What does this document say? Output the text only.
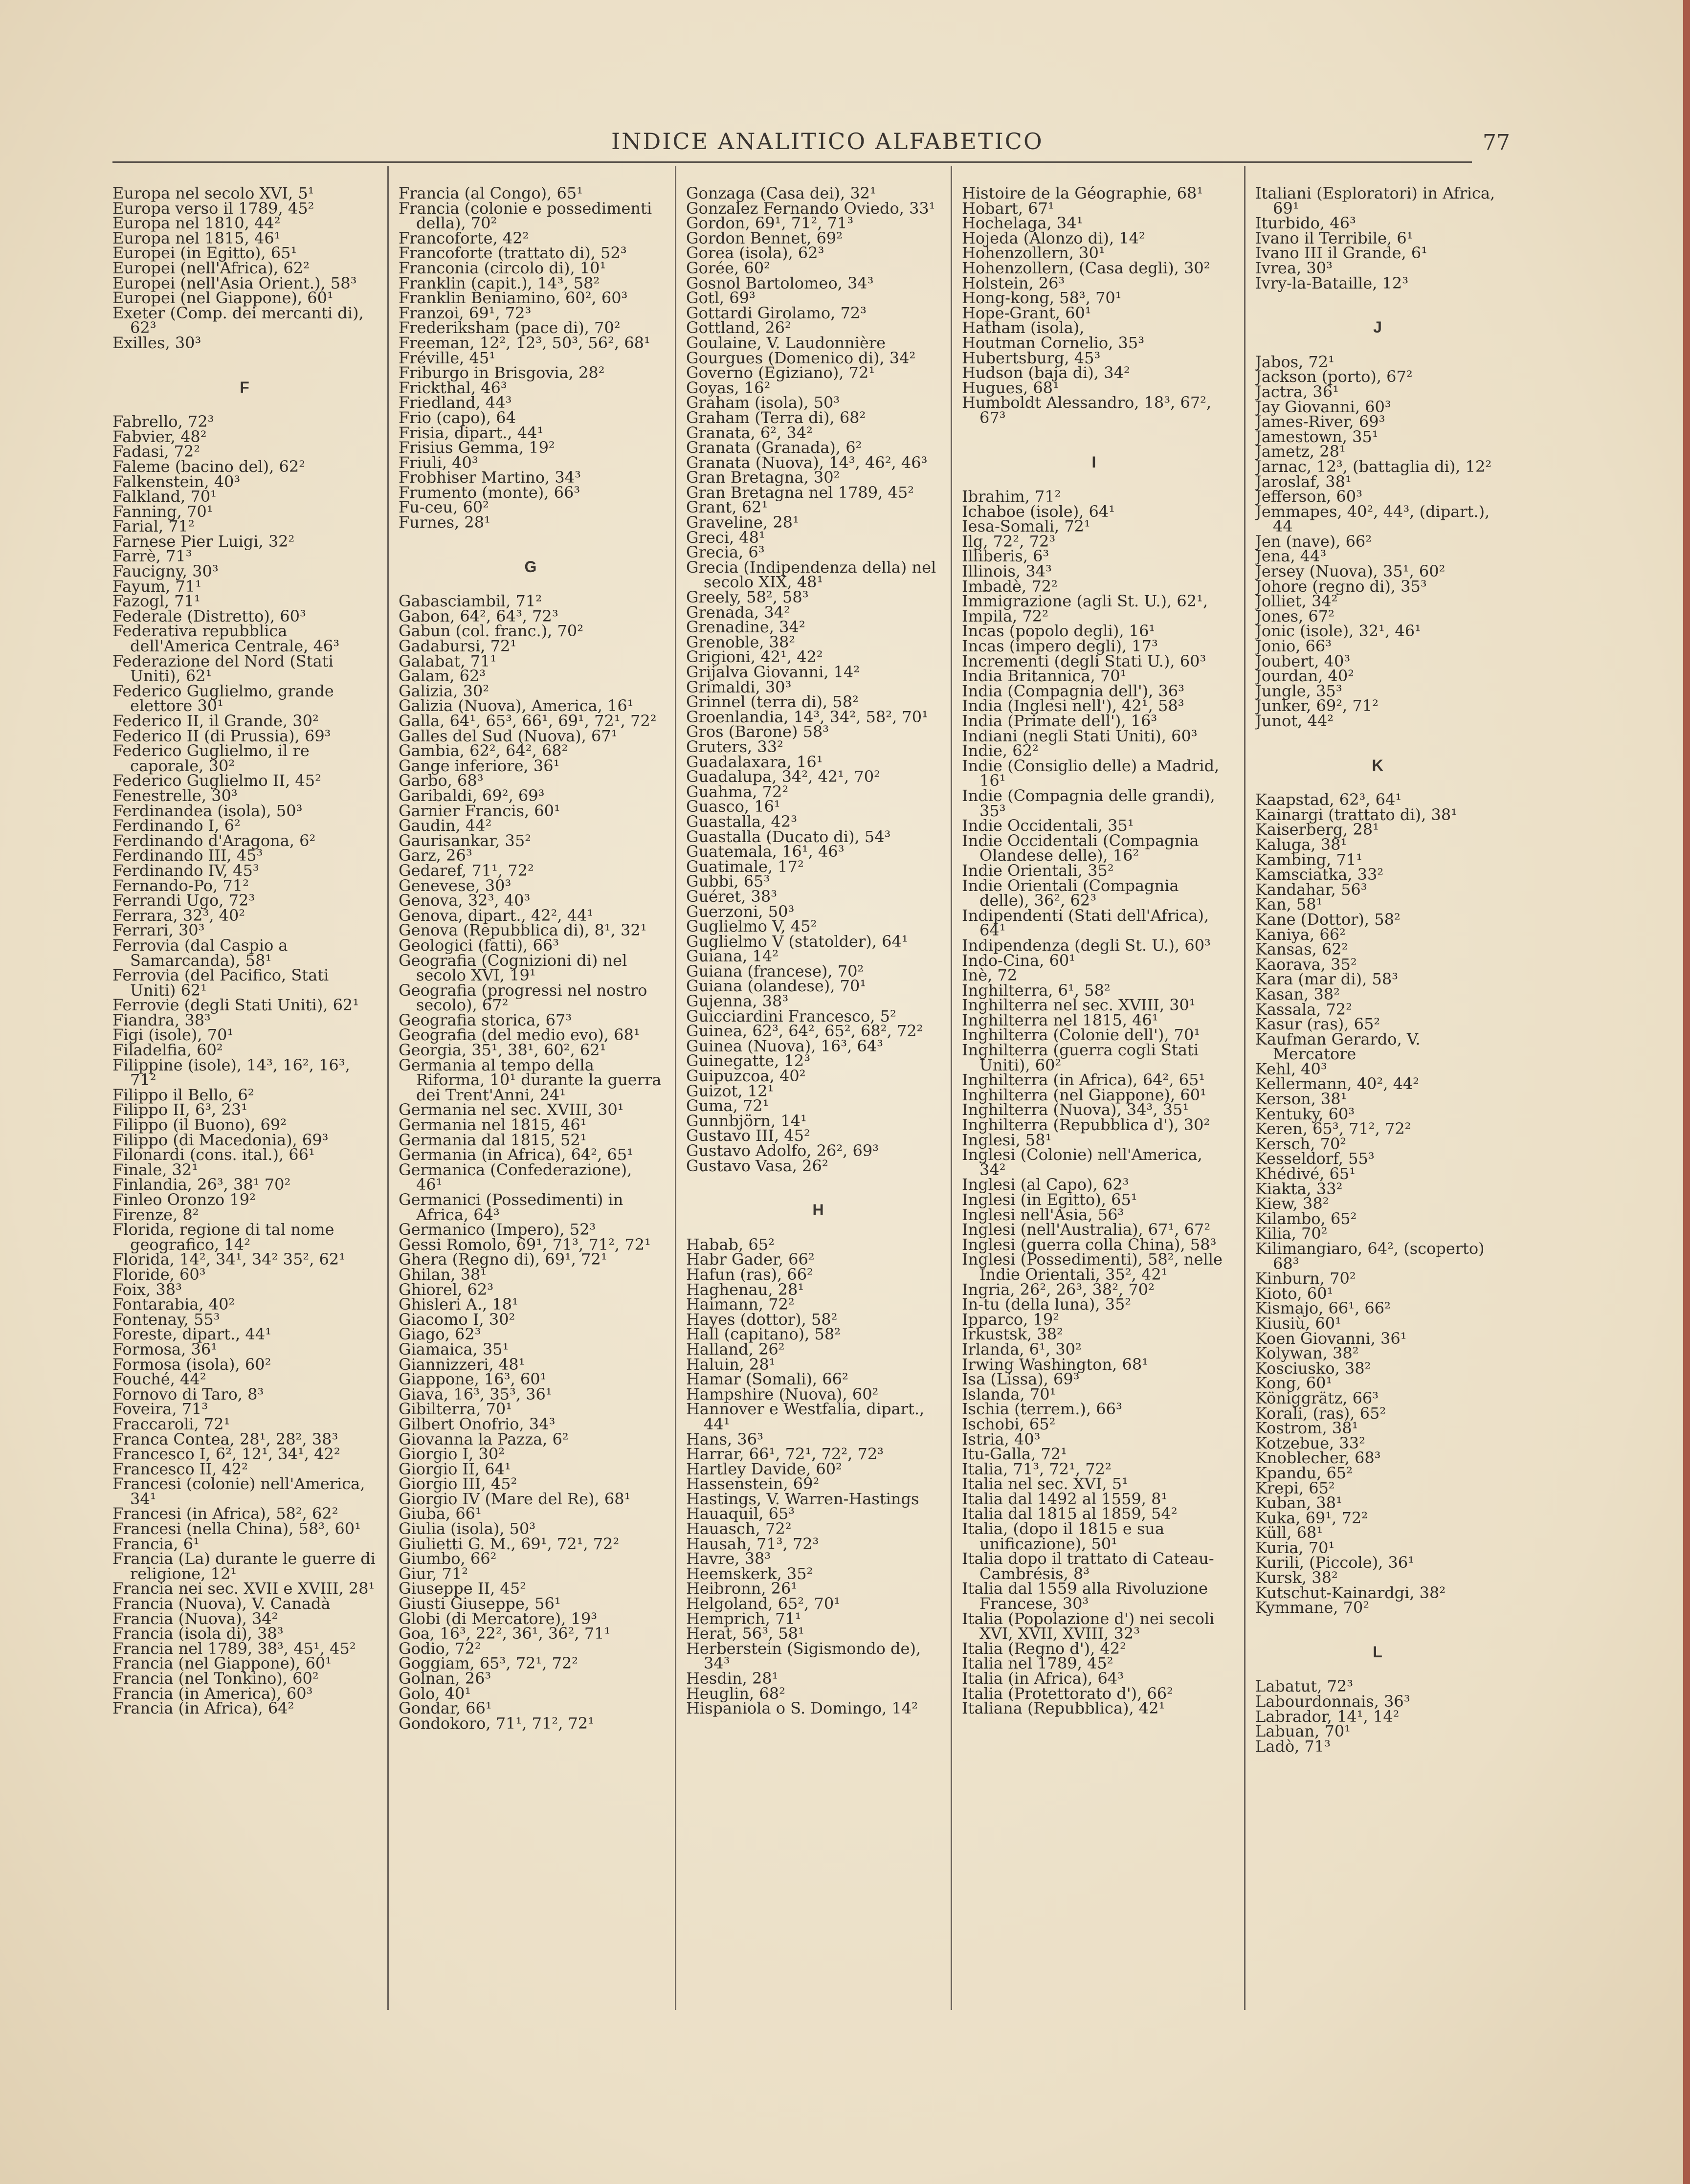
INDICE ANALITICO ALFABETICO	77
Europa nel secolo XVI, 5¹
Europa verso il 1789, 45²
Europa nel 1810, 44²
Europa nel 1815, 46¹
Europei (in Egitto), 65¹
Europei (nell'Africa), 62²
Europei (nell'Asia Orient.), 58³
Europei (nel Giappone), 60¹
Exeter (Comp. dei mercanti di), 62³
Exilles, 30³
F
Fabrello, 72³
Fabvier, 48²
Fadasi, 72²
Faleme (bacino del), 62²
Falkenstein, 40³
Falkland, 70¹
Fanning, 70¹
Farial, 71²
Farnese Pier Luigi, 32²
Farrè, 71³
Faucigny, 30³
Fayum, 71¹
Fazogl, 71¹
Federale (Distretto), 60³
Federativa repubblica dell'America Centrale, 46³
Federazione del Nord (Stati Uniti), 62¹
Federico Guglielmo, grande elettore 30¹
Federico II, il Grande, 30²
Federico II (di Prussia), 69³
Federico Guglielmo, il re caporale, 30²
Federico Guglielmo II, 45²
Fenestrelle, 30³
Ferdinandea (isola), 50³
Ferdinando I, 6²
Ferdinando d'Aragona, 6²
Ferdinando III, 45³
Ferdinando IV, 45³
Fernando-Po, 71²
Ferrandi Ugo, 72³
Ferrara, 32³, 40²
Ferrari, 30³
Ferrovia (dal Caspio a Samarcanda), 58¹
Ferrovia (del Pacifico, Stati Uniti) 62¹
Ferrovie (degli Stati Uniti), 62¹
Fiandra, 38³
Figi (isole), 70¹
Filadelfia, 60²
Filippine (isole), 14³, 16², 16³, 71²
Filippo il Bello, 6²
Filippo II, 6³, 23¹
Filippo (il Buono), 69²
Filippo (di Macedonia), 69³
Filonardi (cons. ital.), 66¹
Finale, 32¹
Finlandia, 26³, 38¹ 70²
Finleo Oronzo 19²
Firenze, 8²
Florida, regione di tal nome geografico, 14²
Florida, 14², 34¹, 34² 35², 62¹
Floride, 60³
Foix, 38³
Fontarabia, 40²
Fontenay, 55³
Foreste, dipart., 44¹
Formosa, 36¹
Formosa (isola), 60²
Fouché, 44²
Fornovo di Taro, 8³
Foveira, 71³
Fraccaroli, 72¹
Franca Contea, 28¹, 28², 38³
Francesco I, 6², 12¹, 34¹, 42²
Francesco II, 42²
Francesi (colonie) nell'America, 34¹
Francesi (in Africa), 58², 62²
Francesi (nella China), 58³, 60¹
Francia, 6¹
Francia (La) durante le guerre di religione, 12¹
Francia nei sec. XVII e XVIII, 28¹
Francia (Nuova), V. Canadà
Francia (Nuova), 34²
Francia (isola di), 38³
Francia nel 1789, 38³, 45¹, 45²
Francia (nel Giappone), 60¹
Francia (nel Tonkino), 60²
Francia (in America), 60³
Francia (in Africa), 64²
Francia (al Congo), 65¹
Francia (colonie e possedimenti della), 70²
Francoforte, 42²
Francoforte (trattato di), 52³
Franconia (circolo di), 10¹
Franklin (capit.), 14³, 58²
Franklin Beniamino, 60², 60³
Franzoi, 69¹, 72³
Frederiksham (pace di), 70²
Freeman, 12², 12³, 50³, 56², 68¹
Fréville, 45¹
Friburgo in Brisgovia, 28²
Frickthal, 46³
Friedland, 44³
Frio (capo), 64
Frisia, dipart., 44¹
Frisius Gemma, 19²
Friuli, 40³
Frobhiser Martino, 34³
Frumento (monte), 66³
Fu-ceu, 60²
Furnes, 28¹
G
Gabasciambil, 71²
Gabon, 64², 64³, 72³
Gabun (col. franc.), 70²
Gadabursi, 72¹
Galabat, 71¹
Galam, 62³
Galizia, 30²
Galizia (Nuova), America, 16¹
Galla, 64¹, 65³, 66¹, 69¹, 72¹, 72²
Galles del Sud (Nuova), 67¹
Gambia, 62², 64², 68²
Gange inferiore, 36¹
Garbo, 68³
Garibaldi, 69², 69³
Garnier Francis, 60¹
Gaudin, 44²
Gaurisankar, 35²
Garz, 26³
Gedaref, 71¹, 72²
Genevese, 30³
Genova, 32³, 40³
Genova, dipart., 42², 44¹
Genova (Repubblica di), 8¹, 32¹
Geologici (fatti), 66³
Geografia (Cognizioni di) nel secolo XVI, 19¹
Geografia (progressi nel nostro secolo), 67²
Geografia storica, 67³
Geografia (del medio evo), 68¹
Georgia, 35¹, 38¹, 60², 62¹
Germania al tempo della Riforma, 10¹ durante la guerra dei Trent'Anni, 24¹
Germania nel sec. XVIII, 30¹
Germania nel 1815, 46¹
Germania dal 1815, 52¹
Germania (in Africa), 64², 65¹
Germanica (Confederazione), 46¹
Germanici (Possedimenti) in Africa, 64³
Germanico (Impero), 52³
Gessi Romolo, 69¹, 71³, 71², 72¹
Ghera (Regno di), 69¹, 72¹
Ghilan, 38¹
Ghiorel, 62³
Ghisleri A., 18¹
Giacomo I, 30²
Giago, 62³
Giamaica, 35¹
Giannizzeri, 48¹
Giappone, 16³, 60¹
Giava, 16³, 35³, 36¹
Gibilterra, 70¹
Gilbert Onofrio, 34³
Giovanna la Pazza, 6²
Giorgio I, 30²
Giorgio II, 64¹
Giorgio III, 45²
Giorgio IV (Mare del Re), 68¹
Giuba, 66¹
Giulia (isola), 50³
Giulietti G. M., 69¹, 72¹, 72²
Giumbo, 66²
Giur, 71²
Giuseppe II, 45²
Giusti Giuseppe, 56¹
Globi (di Mercatore), 19³
Goa, 16³, 22², 36¹, 36², 71¹
Godio, 72²
Goggiam, 65³, 72¹, 72²
Golnan, 26³
Golo, 40¹
Gondar, 66¹
Gondokoro, 71¹, 71², 72¹
Gonzaga (Casa dei), 32¹
Gonzalez Fernando Oviedo, 33¹
Gordon, 69¹, 71², 71³
Gordon Bennet, 69²
Gorea (isola), 62³
Gorée, 60²
Gosnol Bartolomeo, 34³
Gotl, 69³
Gottardi Girolamo, 72³
Gottland, 26²
Goulaine, V. Laudonnière
Gourgues (Domenico di), 34²
Governo (Egiziano), 72¹
Goyas, 16²
Graham (isola), 50³
Graham (Terra di), 68²
Granata, 6², 34²
Granata (Granada), 6²
Granata (Nuova), 14³, 46², 46³
Gran Bretagna, 30²
Gran Bretagna nel 1789, 45²
Grant, 62¹
Graveline, 28¹
Greci, 48¹
Grecia, 6³
Grecia (Indipendenza della) nel secolo XIX, 48¹
Greely, 58², 58³
Grenada, 34²
Grenadine, 34²
Grenoble, 38²
Grigioni, 42¹, 42²
Grijalva Giovanni, 14²
Grimaldi, 30³
Grinnel (terra di), 58²
Groenlandia, 14³, 34², 58², 70¹
Gros (Barone) 58³
Gruters, 33²
Guadalaxara, 16¹
Guadalupa, 34², 42¹, 70²
Guahma, 72²
Guasco, 16¹
Guastalla, 42³
Guastalla (Ducato di), 54³
Guatemala, 16¹, 46³
Guatimale, 17²
Gubbi, 65³
Guéret, 38³
Guerzoni, 50³
Guglielmo V, 45²
Guglielmo V (statolder), 64¹
Guiana, 14²
Guiana (francese), 70²
Guiana (olandese), 70¹
Gujenna, 38³
Guicciardini Francesco, 5²
Guinea, 62³, 64², 65², 68², 72²
Guinea (Nuova), 16³, 64³
Guinegatte, 12³
Guipuzcoa, 40²
Guizot, 12¹
Guma, 72¹
Gunnbjörn, 14¹
Gustavo III, 45²
Gustavo Adolfo, 26², 69³
Gustavo Vasa, 26²
H
Habab, 65²
Habr Gader, 66²
Hafun (ras), 66²
Haghenau, 28¹
Haimann, 72²
Hayes (dottor), 58²
Hall (capitano), 58²
Halland, 26²
Haluin, 28¹
Hamar (Somali), 66²
Hampshire (Nuova), 60²
Hannover e Westfalia, dipart., 44¹
Hans, 36³
Harrar, 66¹, 72¹, 72², 72³
Hartley Davide, 60²
Hassenstein, 69²
Hastings, V. Warren-Hastings
Hauaquil, 65³
Hauasch, 72²
Hausah, 71³, 72³
Havre, 38³
Heemskerk, 35²
Heibronn, 26¹
Helgoland, 65², 70¹
Hemprich, 71¹
Herat, 56³, 58¹
Herberstein (Sigismondo de), 34³
Hesdin, 28¹
Heuglin, 68²
Hispaniola o S. Domingo, 14²
Histoire de la Géographie, 68¹
Hobart, 67¹
Hochelaga, 34¹
Hojeda (Alonzo di), 14²
Hohenzollern, 30¹
Hohenzollern, (Casa degli), 30²
Holstein, 26³
Hong-kong, 58³, 70¹
Hope-Grant, 60¹
Hatham (isola),
Houtman Cornelio, 35³
Hubertsburg, 45³
Hudson (baja di), 34²
Hugues, 68¹
Humboldt Alessandro, 18³, 67², 67³
I
Ibrahim, 71²
Ichaboe (isole), 64¹
Iesa-Somali, 72¹
Ilg, 72², 72³
Illiberis, 6³
Illinois, 34³
Imbadè, 72²
Immigrazione (agli St. U.), 62¹,
Impila, 72²
Incas (popolo degli), 16¹
Incas (impero degli), 17³
Incrementi (degli Stati U.), 60³
India Britannica, 70¹
India (Compagnia dell'), 36³
India (Inglesi nell'), 42¹, 58³
India (Primate dell'), 16³
Indiani (negli Stati Uniti), 60³
Indie, 62²
Indie (Consiglio delle) a Madrid, 16¹
Indie (Compagnia delle grandi), 35³
Indie Occidentali, 35¹
Indie Occidentali (Compagnia Olandese delle), 16²
Indie Orientali, 35²
Indie Orientali (Compagnia delle), 36², 62³
Indipendenti (Stati dell'Africa), 64¹
Indipendenza (degli St. U.), 60³
Indo-Cina, 60¹
Inè, 72
Inghilterra, 6¹, 58²
Inghilterra nel sec. XVIII, 30¹
Inghilterra nel 1815, 46¹
Inghilterra (Colonie dell'), 70¹
Inghilterra (guerra cogli Stati Uniti), 60²
Inghilterra (in Africa), 64², 65¹
Inghilterra (nel Giappone), 60¹
Inghilterra (Nuova), 34³, 35¹
Inghilterra (Repubblica d'), 30²
Inglesi, 58¹
Inglesi (Colonie) nell'America, 34²
Inglesi (al Capo), 62³
Inglesi (in Egitto), 65¹
Inglesi nell'Asia, 56³
Inglesi (nell'Australia), 67¹, 67²
Inglesi (guerra colla China), 58³
Inglesi (Possedimenti), 58², nelle Indie Orientali, 35², 42¹
Ingria, 26², 26³, 38², 70²
In-tu (della luna), 35²
Ipparco, 19²
Irkustsk, 38²
Irlanda, 6¹, 30²
Irwing Washington, 68¹
Isa (Lissa), 69³
Islanda, 70¹
Ischia (terrem.), 66³
Ischobi, 65²
Istria, 40³
Itu-Galla, 72¹
Italia, 71³, 72¹, 72²
Italia nel sec. XVI, 5¹
Italia dal 1492 al 1559, 8¹
Italia dal 1815 al 1859, 54²
Italia, (dopo il 1815 e sua unificazione), 50¹
Italia dopo il trattato di Cateau-Cambrésis, 8³
Italia dal 1559 alla Rivoluzione Francese, 30³
Italia (Popolazione d') nei secoli XVI, XVII, XVIII, 32³
Italia (Regno d'), 42²
Italia nel 1789, 45²
Italia (in Africa), 64³
Italia (Protettorato d'), 66²
Italiana (Repubblica), 42¹
Italiani (Esploratori) in Africa, 69¹
Iturbido, 46³
Ivano il Terribile, 6¹
Ivano III il Grande, 6¹
Ivrea, 30³
Ivry-la-Bataille, 12³
J
Jabos, 72¹
Jackson (porto), 67²
Jactra, 36¹
Jay Giovanni, 60³
James-River, 69³
Jamestown, 35¹
Jametz, 28¹
Jarnac, 12³, (battaglia di), 12²
Jaroslaf, 38¹
Jefferson, 60³
Jemmapes, 40², 44³, (dipart.), 44
Jen (nave), 66²
Jena, 44³
Jersey (Nuova), 35¹, 60²
Johore (regno di), 35³
Jolliet, 34²
Jones, 67²
Jonic (isole), 32¹, 46¹
Jonio, 66³
Joubert, 40³
Jourdan, 40²
Jungle, 35³
Junker, 69², 71²
Junot, 44²
K
Kaapstad, 62³, 64¹
Kainargi (trattato di), 38¹
Kaiserberg, 28¹
Kaluga, 38¹
Kambing, 71¹
Kamsciatka, 33²
Kandahar, 56³
Kan, 58¹
Kane (Dottor), 58²
Kaniya, 66²
Kansas, 62²
Kaorava, 35²
Kara (mar di), 58³
Kasan, 38²
Kassala, 72²
Kasur (ras), 65²
Kaufman Gerardo, V. Mercatore
Kehl, 40³
Kellermann, 40², 44²
Kerson, 38¹
Kentuky, 60³
Keren, 65³, 71², 72²
Kersch, 70²
Kesseldorf, 55³
Khédivé, 65¹
Kiakta, 33²
Kiew, 38²
Kilambo, 65²
Kilia, 70²
Kilimangiaro, 64², (scoperto) 68³
Kinburn, 70²
Kioto, 60¹
Kismajo, 66¹, 66²
Kiusiù, 60¹
Koen Giovanni, 36¹
Kolywan, 38²
Kosciusko, 38²
Kong, 60¹
Königgrätz, 66³
Korali, (ras), 65²
Kostrom, 38¹
Kotzebue, 33²
Knoblecher, 68³
Kpandu, 65²
Krepi, 65²
Kuban, 38¹
Kuka, 69¹, 72²
Küll, 68¹
Kuria, 70¹
Kurili, (Piccole), 36¹
Kursk, 38²
Kutschut-Kainardgi, 38²
Kymmane, 70²
L
Labatut, 72³
Labourdonnais, 36³
Labrador, 14¹, 14²
Labuan, 70¹
Ladò, 71³
